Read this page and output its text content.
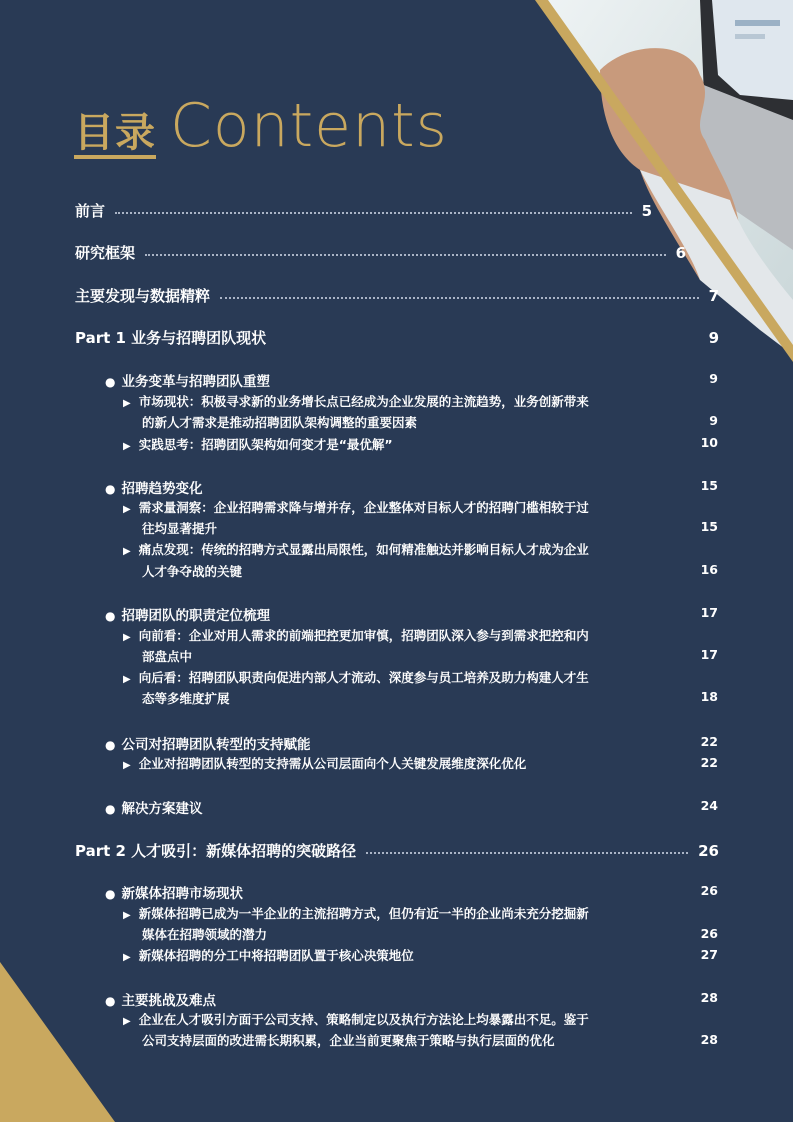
目录 Contents
前言	5
研究框架	6
主要发现与数据精粹	7
Part 1 业务与招聘团队现状	9
● 业务变革与招聘团队重塑	9
▶ 市场现状：积极寻求新的业务增长点已经成为企业发展的主流趋势，业务创新带来
的新人才需求是推动招聘团队架构调整的重要因素	9
▶ 实践思考：招聘团队架构如何变才是“最优解”	10
● 招聘趋势变化	15
▶ 需求量洞察：企业招聘需求降与增并存，企业整体对目标人才的招聘门槛相较于过
往均显著提升	15
▶ 痛点发现：传统的招聘方式显露出局限性，如何精准触达并影响目标人才成为企业
人才争夺战的关键	16
● 招聘团队的职责定位梳理	17
▶ 向前看：企业对用人需求的前端把控更加审慎，招聘团队深入参与到需求把控和内
部盘点中	17
▶ 向后看：招聘团队职责向促进内部人才流动、深度参与员工培养及助力构建人才生
态等多维度扩展	18
● 公司对招聘团队转型的支持赋能	22
▶ 企业对招聘团队转型的支持需从公司层面向个人关键发展维度深化优化	22
● 解决方案建议	24
Part 2 人才吸引：新媒体招聘的突破路径	26
● 新媒体招聘市场现状	26
▶ 新媒体招聘已成为一半企业的主流招聘方式，但仍有近一半的企业尚未充分挖掘新
媒体在招聘领域的潜力	26
▶ 新媒体招聘的分工中将招聘团队置于核心决策地位	27
● 主要挑战及难点	28
▶ 企业在人才吸引方面于公司支持、策略制定以及执行方法论上均暴露出不足。鉴于
公司支持层面的改进需长期积累，企业当前更聚焦于策略与执行层面的优化	28
